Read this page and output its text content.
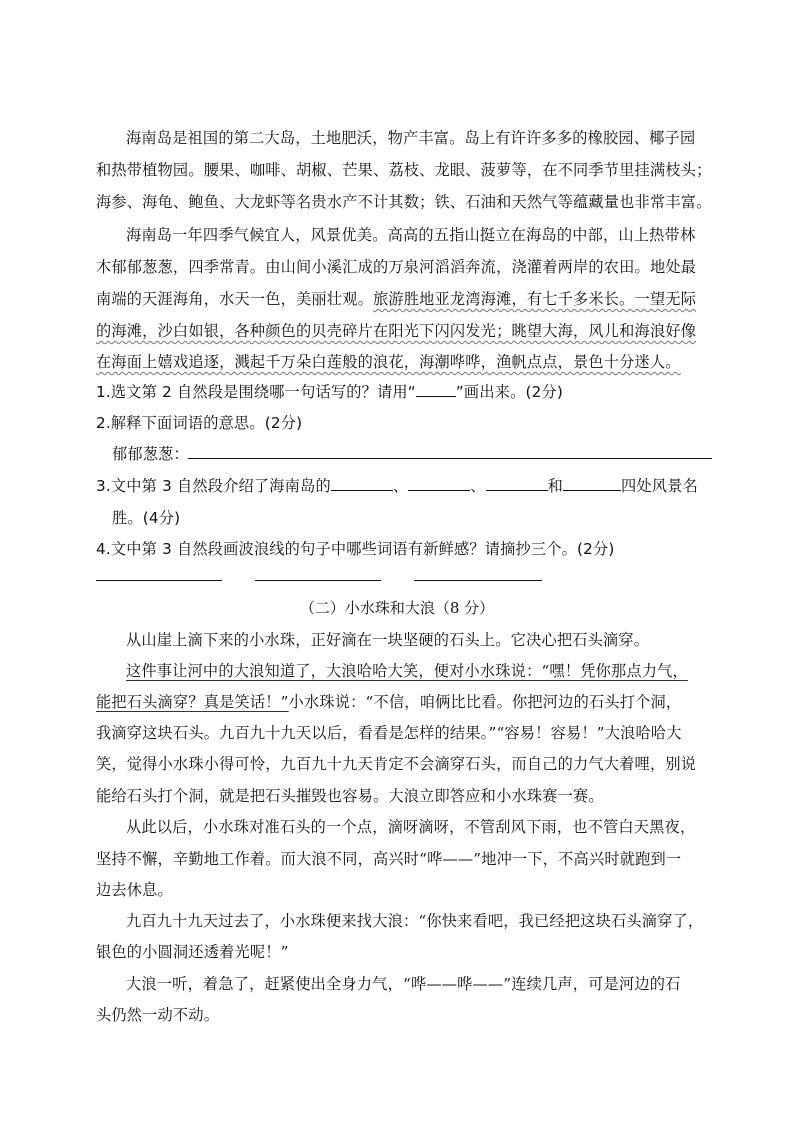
海南岛是祖国的第二大岛，土地肥沃，物产丰富。岛上有许许多多的橡胶园、椰子园
和热带植物园。腰果、咖啡、胡椒、芒果、荔枝、龙眼、菠萝等，在不同季节里挂满枝头；
海参、海龟、鲍鱼、大龙虾等名贵水产不计其数；铁、石油和天然气等蕴藏量也非常丰富。
海南岛一年四季气候宜人，风景优美。高高的五指山挺立在海岛的中部，山上热带林
木郁郁葱葱，四季常青。由山间小溪汇成的万泉河滔滔奔流，浇灌着两岸的农田。地处最
南端的天涯海角，水天一色，美丽壮观。旅游胜地亚龙湾海滩，有七千多米长。一望无际
的海滩，沙白如银，各种颜色的贝壳碎片在阳光下闪闪发光；眺望大海，风儿和海浪好像
在海面上嬉戏追逐，溅起千万朵白莲般的浪花，海潮哗哗，渔帆点点，景色十分迷人。
1.选文第 2 自然段是围绕哪一句话写的？请用“	”画出来。(2分)
2.解释下面词语的意思。(2分)
郁郁葱葱：
3.文中第 3 自然段介绍了海南岛的	、	、	和	四处风景名
胜。(4分)
4.文中第 3 自然段画波浪线的句子中哪些词语有新鲜感？请摘抄三个。(2分)
（二）小水珠和大浪（8 分）
从山崖上滴下来的小水珠，正好滴在一块坚硬的石头上。它决心把石头滴穿。
这件事让河中的大浪知道了，大浪哈哈大笑，便对小水珠说：“嘿！凭你那点力气，
能把石头滴穿？真是笑话！”小水珠说：“不信，咱俩比比看。你把河边的石头打个洞，
我滴穿这块石头。九百九十九天以后，看看是怎样的结果。”“容易！容易！”大浪哈哈大
笑，觉得小水珠小得可怜，九百九十九天肯定不会滴穿石头，而自己的力气大着哩，别说
能给石头打个洞，就是把石头摧毁也容易。大浪立即答应和小水珠赛一赛。
从此以后，小水珠对准石头的一个点，滴呀滴呀，不管刮风下雨，也不管白天黑夜，
坚持不懈，辛勤地工作着。而大浪不同，高兴时“哗——”地冲一下，不高兴时就跑到一
边去休息。
九百九十九天过去了，小水珠便来找大浪：“你快来看吧，我已经把这块石头滴穿了，
银色的小圆洞还透着光呢！”
大浪一听，着急了，赶紧使出全身力气，“哗——哗——”连续几声，可是河边的石
头仍然一动不动。
